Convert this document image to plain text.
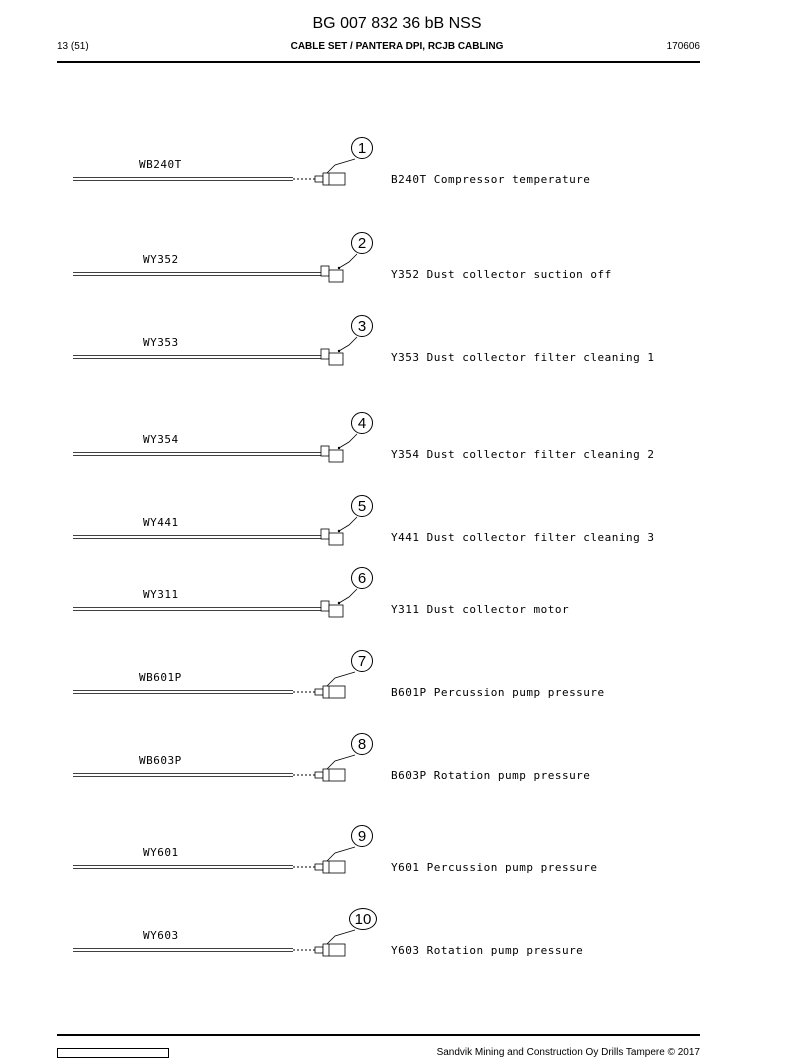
BG 007 832 36 bB NSS
13 (51)	CABLE SET / PANTERA DPI, RCJB CABLING	170606
1
WB240T
B240T Compressor temperature
2
WY352
Y352 Dust collector suction off
3
WY353
Y353 Dust collector filter cleaning 1
4
WY354
Y354 Dust collector filter cleaning 2
5
WY441
Y441 Dust collector filter cleaning 3
6
WY311
Y311 Dust collector motor
7
WB601P
B601P Percussion pump pressure
8
WB603P
B603P Rotation pump pressure
9
WY601
Y601 Percussion pump pressure
10
WY603
Y603 Rotation pump pressure
Sandvik Mining and Construction Oy Drills Tampere © 2017
